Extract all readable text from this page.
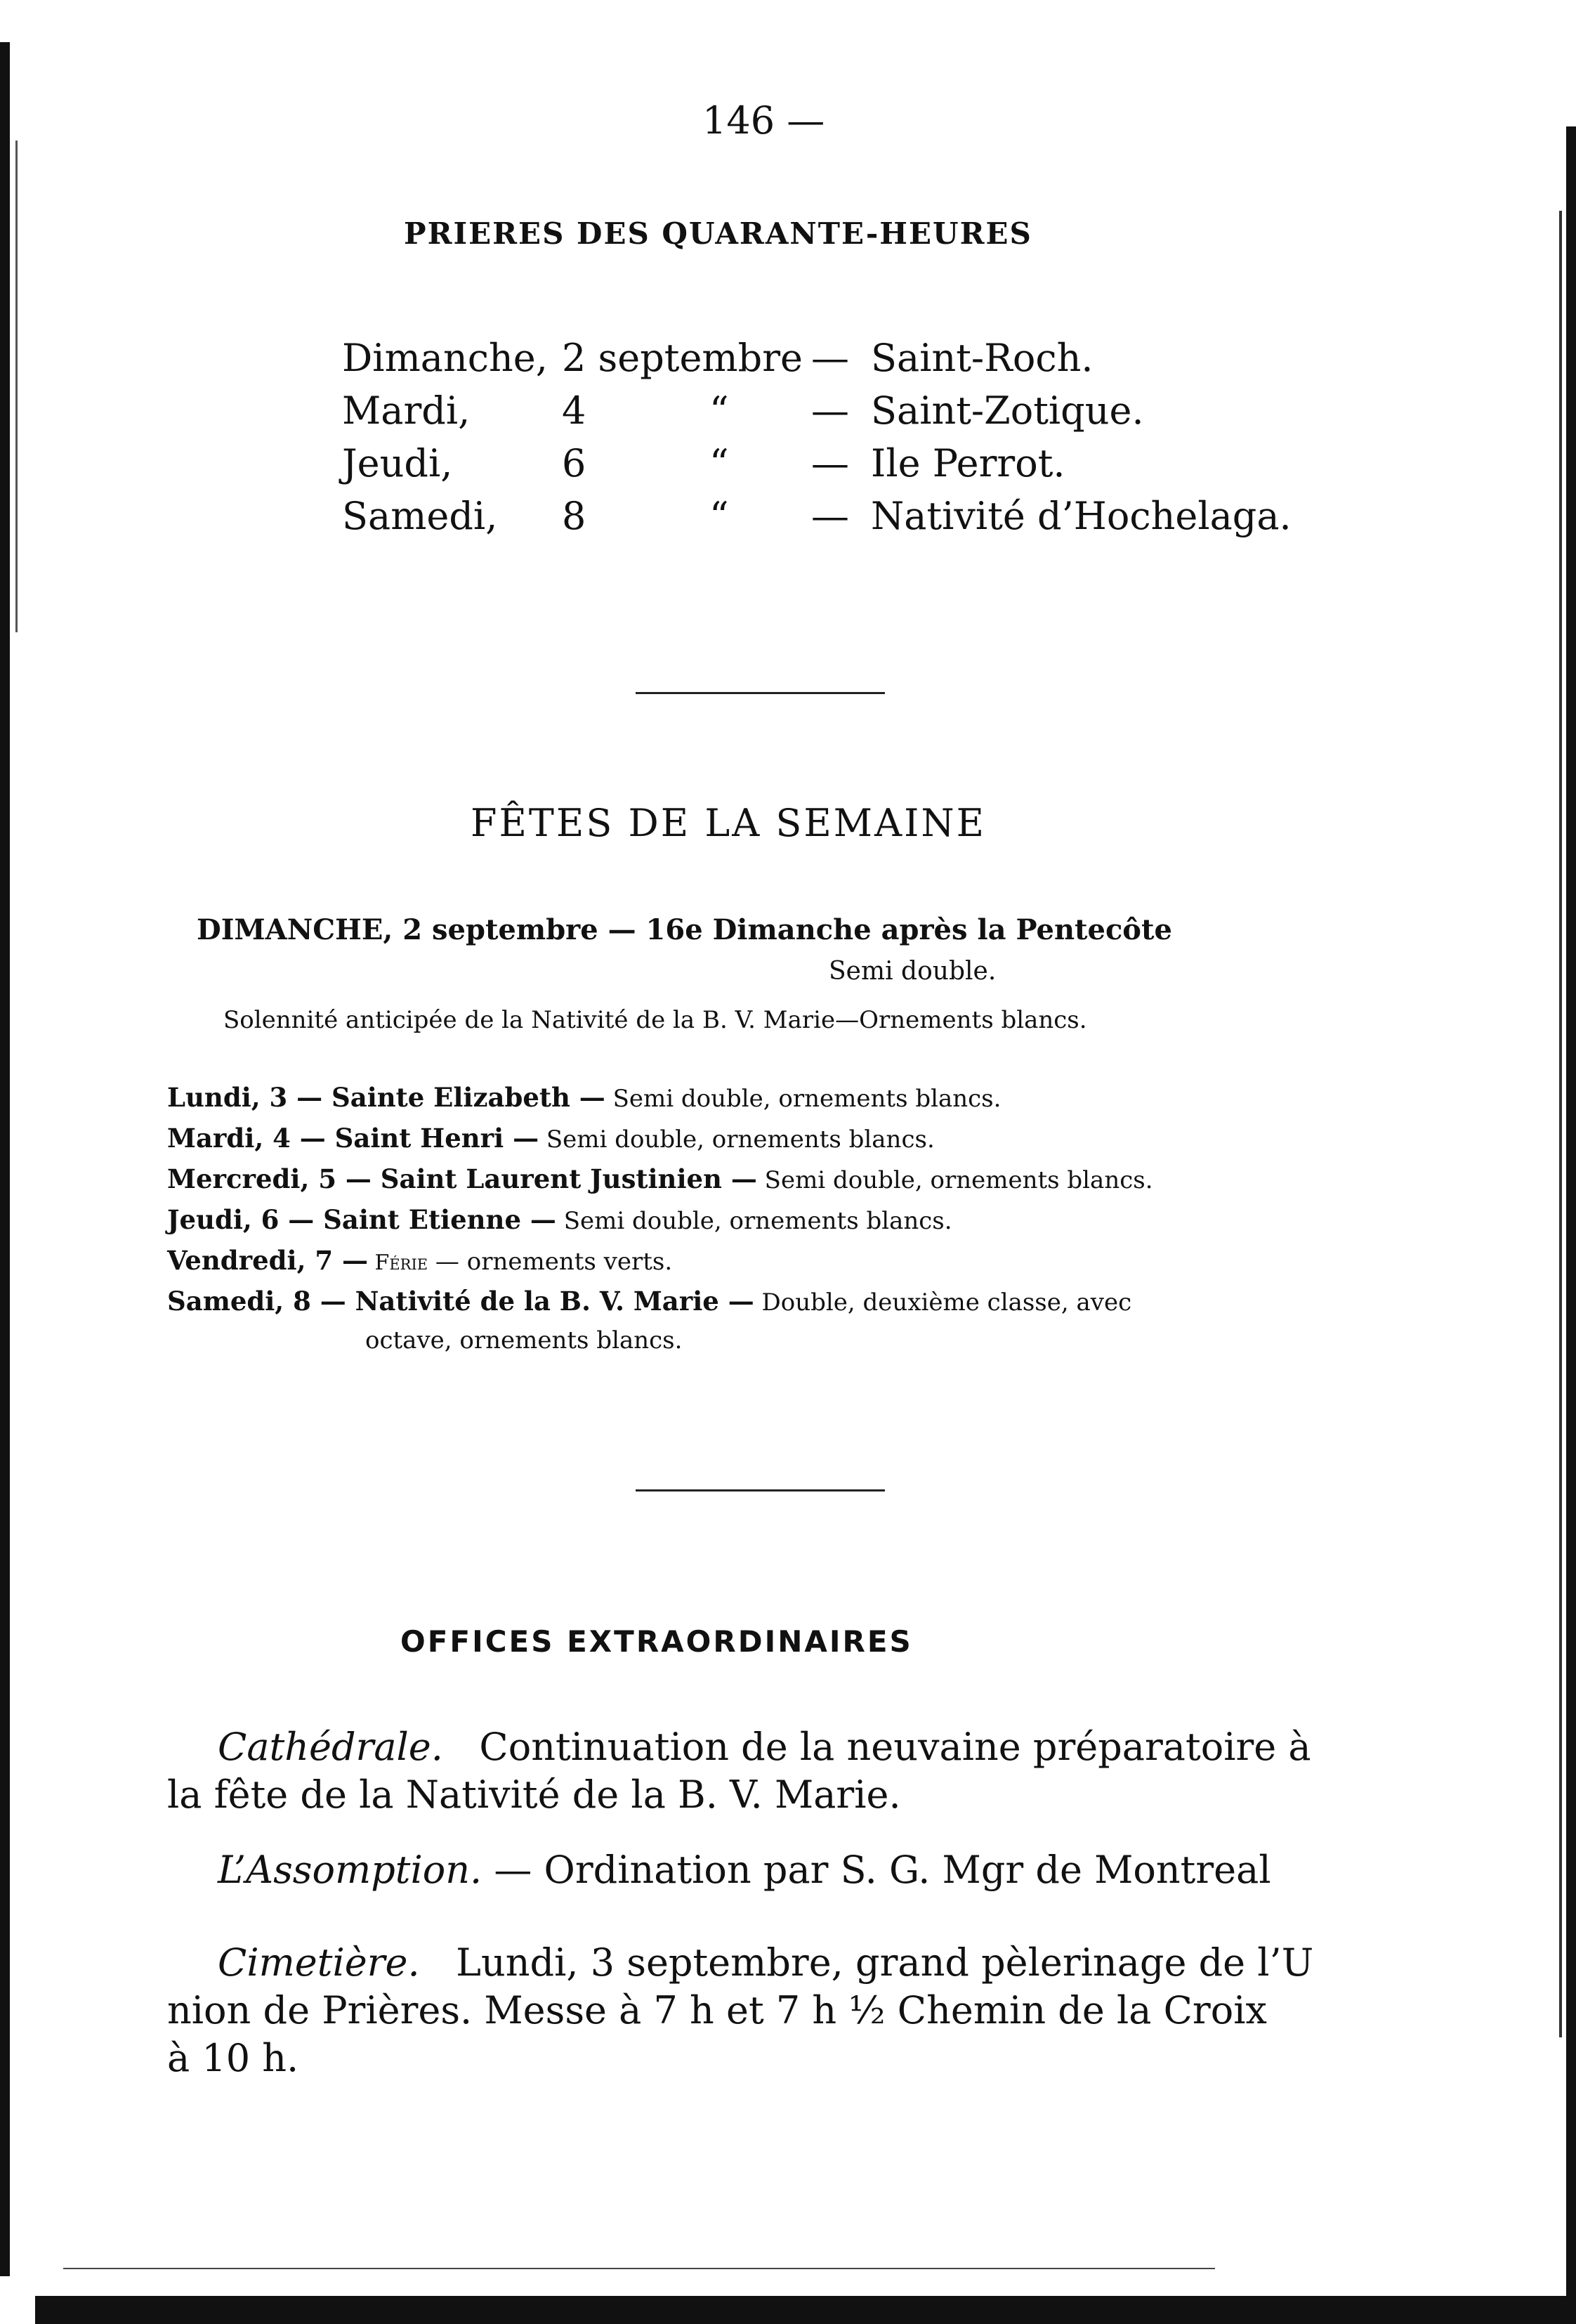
146 —
PRIERES DES QUARANTE-HEURES
Dimanche, 2 septembre — Saint-Roch.
Mardi, 4	“ — Saint-Zotique.
Jeudi,	6	“ — Ile Perrot.
Samedi, 8	“ — Nativité d’Hochelaga.
FÊTES DE LA SEMAINE
DIMANCHE, 2 septembre — 16e Dimanche après la Pentecôte
Semi double.
Solennité anticipée de la Nativité de la B. V. Marie—Ornements blancs.
Lundi, 3 — Sainte Elizabeth — Semi double, ornements blancs.
Mardi, 4 — Saint Henri — Semi double, ornements blancs.
Mercredi, 5 — Saint Laurent Justinien — Semi double, ornements blancs.
Jeudi, 6 — Saint Etienne — Semi double, ornements blancs.
Vendredi, 7 — Férie — ornements verts.
Samedi, 8 — Nativité de la B. V. Marie — Double, deuxième classe, avec
octave, ornements blancs.
OFFICES EXTRAORDINAIRES
Cathédrale. Continuation de la neuvaine préparatoire à
la fête de la Nativité de la B. V. Marie.
L’Assomption. — Ordination par S. G. Mgr de Montreal
Cimetière. Lundi, 3 septembre, grand pèlerinage de l’U
nion de Prières. Messe à 7 h et 7 h ½ Chemin de la Croix
à 10 h.
